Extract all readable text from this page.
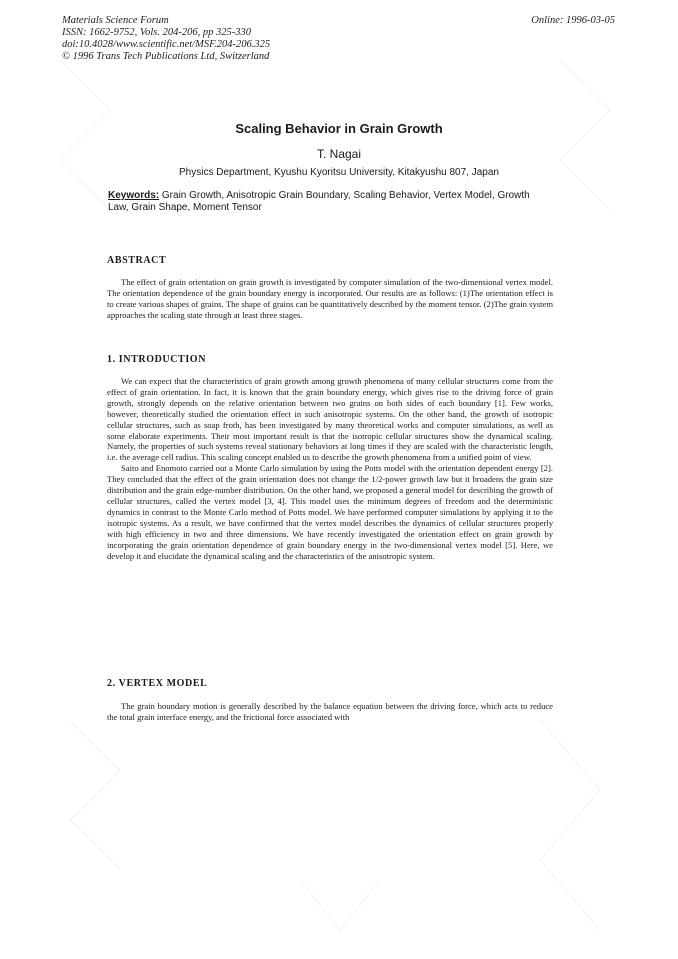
Materials Science Forum
ISSN: 1662-9752, Vols. 204-206, pp 325-330
doi:10.4028/www.scientific.net/MSF.204-206.325
© 1996 Trans Tech Publications Ltd, Switzerland
Online: 1996-03-05
Scaling Behavior in Grain Growth
T. Nagai
Physics Department, Kyushu Kyoritsu University, Kitakyushu 807, Japan
Keywords: Grain Growth, Anisotropic Grain Boundary, Scaling Behavior, Vertex Model, Growth Law, Grain Shape, Moment Tensor
ABSTRACT

The effect of grain orientation on grain growth is investigated by computer simulation of the two-dimensional vertex model. The orientation dependence of the grain boundary energy is incorporated. Our results are as follows: (1)The orientation effect is to create various shapes of grains. The shape of grains can be quantitatively described by the moment tensor. (2)The grain system approaches the scaling state through at least three stages.

1. INTRODUCTION

We can expect that the characteristics of grain growth among growth phenomena of many cellular structures come from the effect of grain orientation. In fact, it is known that the grain boundary energy, which gives rise to the driving force of grain growth, strongly depends on the relative orientation between two grains on both sides of each boundary [1]. Few works, however, theoretically studied the orientation effect in such anisotropic systems. On the other hand, the growth of isotropic cellular structures, such as soap froth, has been investigated by many theoretical works and computer simulations, as well as some elaborate experiments. Their most important result is that the isotropic cellular structures show the dynamical scaling. Namely, the properties of such systems reveal stationary behaviors at long times if they are scaled with the characteristic length, i.e. the average cell radius. This scaling concept enabled us to describe the growth phenomena from a unified point of view.

Saito and Enomoto carried out a Monte Carlo simulation by using the Potts model with the orientation dependent energy [2]. They concluded that the effect of the grain orientation does not change the 1/2-power growth law but it broadens the grain size distribution and the grain edge-number distribution. On the other hand, we proposed a general model for describing the growth of cellular structures, called the vertex model [3, 4]. This model uses the minimum degrees of freedom and the deterministic dynamics in contrast to the Monte Carlo method of Potts model. We have performed computer simulations by applying it to the isotropic systems. As a result, we have confirmed that the vertex model describes the dynamics of cellular structures properly with high efficiency in two and three dimensions. We have recently investigated the orientation effect on grain growth by incorporating the grain orientation dependence of grain boundary energy in the two-dimensional vertex model [5]. Here, we develop it and elucidate the dynamical scaling and the characteristics of the anisotropic system.

2. VERTEX MODEL

The grain boundary motion is generally described by the balance equation between the driving force, which acts to reduce the total grain interface energy, and the frictional force associated with
